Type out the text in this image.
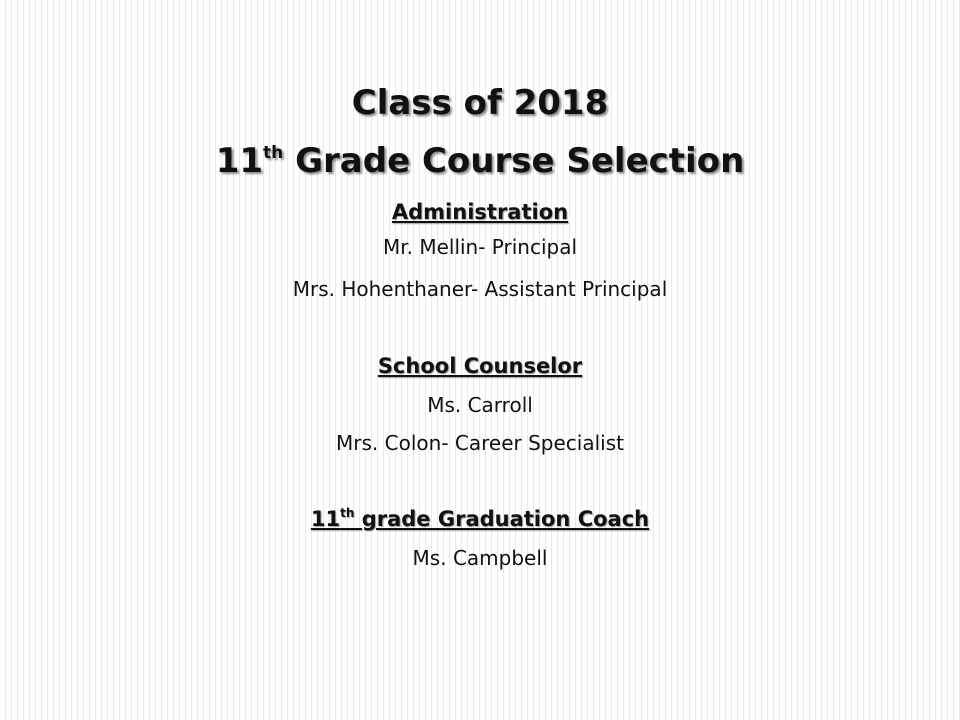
Class of 2018
11th Grade Course Selection
Administration
Mr. Mellin- Principal
Mrs. Hohenthaner- Assistant Principal
School Counselor
Ms. Carroll
Mrs. Colon- Career Specialist
11th grade Graduation Coach
Ms. Campbell
